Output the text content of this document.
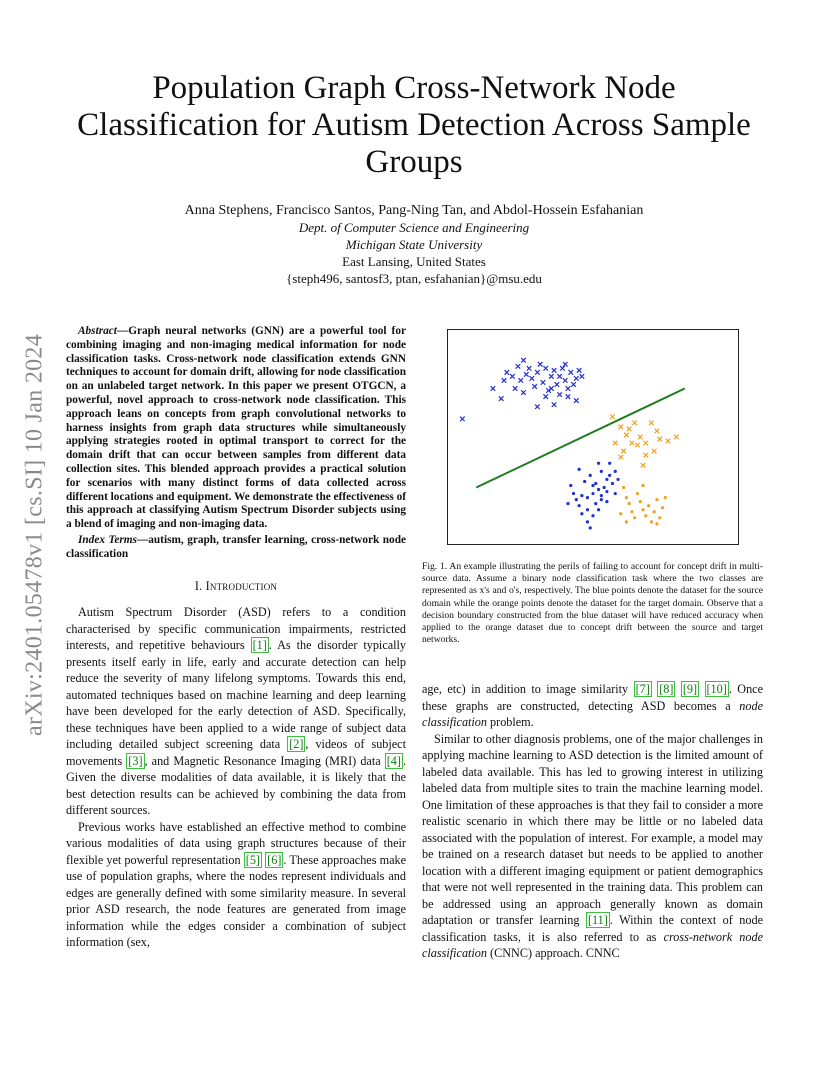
arXiv:2401.05478v1 [cs.SI] 10 Jan 2024
Population Graph Cross-Network Node
Classification for Autism Detection Across Sample
Groups
Anna Stephens, Francisco Santos, Pang-Ning Tan, and Abdol-Hossein Esfahanian
Dept. of Computer Science and Engineering
Michigan State University
East Lansing, United States
{steph496, santosf3, ptan, esfahanian}@msu.edu
Abstract—Graph neural networks (GNN) are a powerful tool for combining imaging and non-imaging medical information for node classification tasks. Cross-network node classification extends GNN techniques to account for domain drift, allowing for node classification on an unlabeled target network. In this paper we present OTGCN, a powerful, novel approach to cross-network node classification. This approach leans on concepts from graph convolutional networks to harness insights from graph data structures while simultaneously applying strategies rooted in optimal transport to correct for the domain drift that can occur between samples from different data collection sites. This blended approach provides a practical solution for scenarios with many distinct forms of data collected across different locations and equipment. We demonstrate the effectiveness of this approach at classifying Autism Spectrum Disorder subjects using a blend of imaging and non-imaging data.
Index Terms—autism, graph, transfer learning, cross-network node classification
I. Introduction

Autism Spectrum Disorder (ASD) refers to a condition characterised by specific communication impairments, restricted interests, and repetitive behaviours [1] . As the disorder typically presents itself early in life, early and accurate detection can help reduce the severity of many lifelong symptoms. Towards this end, automated techniques based on machine learning and deep learning have been developed for the early detection of ASD. Specifically, these techniques have been applied to a wide range of subject data including detailed subject screening data [2] , videos of subject movements [3] , and Magnetic Resonance Imaging (MRI) data [4] . Given the diverse modalities of data available, it is likely that the best detection results can be achieved by combining the data from different sources.

Previous works have established an effective method to combine various modalities of data using graph structures because of their flexible yet powerful representation [5] [6] . These approaches make use of population graphs, where the nodes represent individuals and edges are generally defined with some similarity measure. In several prior ASD research, the node features are generated from image information while the edges consider a combination of subject information (sex,

Fig. 1. An example illustrating the perils of failing to account for concept drift in multi-source data. Assume a binary node classification task where the two classes are represented as x's and o's, respectively. The blue points denote the dataset for the source domain while the orange points denote the dataset for the target domain. Observe that a decision boundary constructed from the blue dataset will have reduced accuracy when applied to the orange dataset due to concept drift between the source and target networks.

age, etc) in addition to image similarity [7] [8] [9] [10] . Once these graphs are constructed, detecting ASD becomes a node classification problem.

Similar to other diagnosis problems, one of the major challenges in applying machine learning to ASD detection is the limited amount of labeled data available. This has led to growing interest in utilizing labeled data from multiple sites to train the machine learning model. One limitation of these approaches is that they fail to consider a more realistic scenario in which there may be little or no labeled data associated with the population of interest. For example, a model may be trained on a research dataset but needs to be applied to another location with a different imaging equipment or patient demographics that were not well represented in the training data. This problem can be addressed using an approach generally known as domain adaptation or transfer learning [11] . Within the context of node classification tasks, it is also referred to as cross-network node classification (CNNC) approach. CNNC
